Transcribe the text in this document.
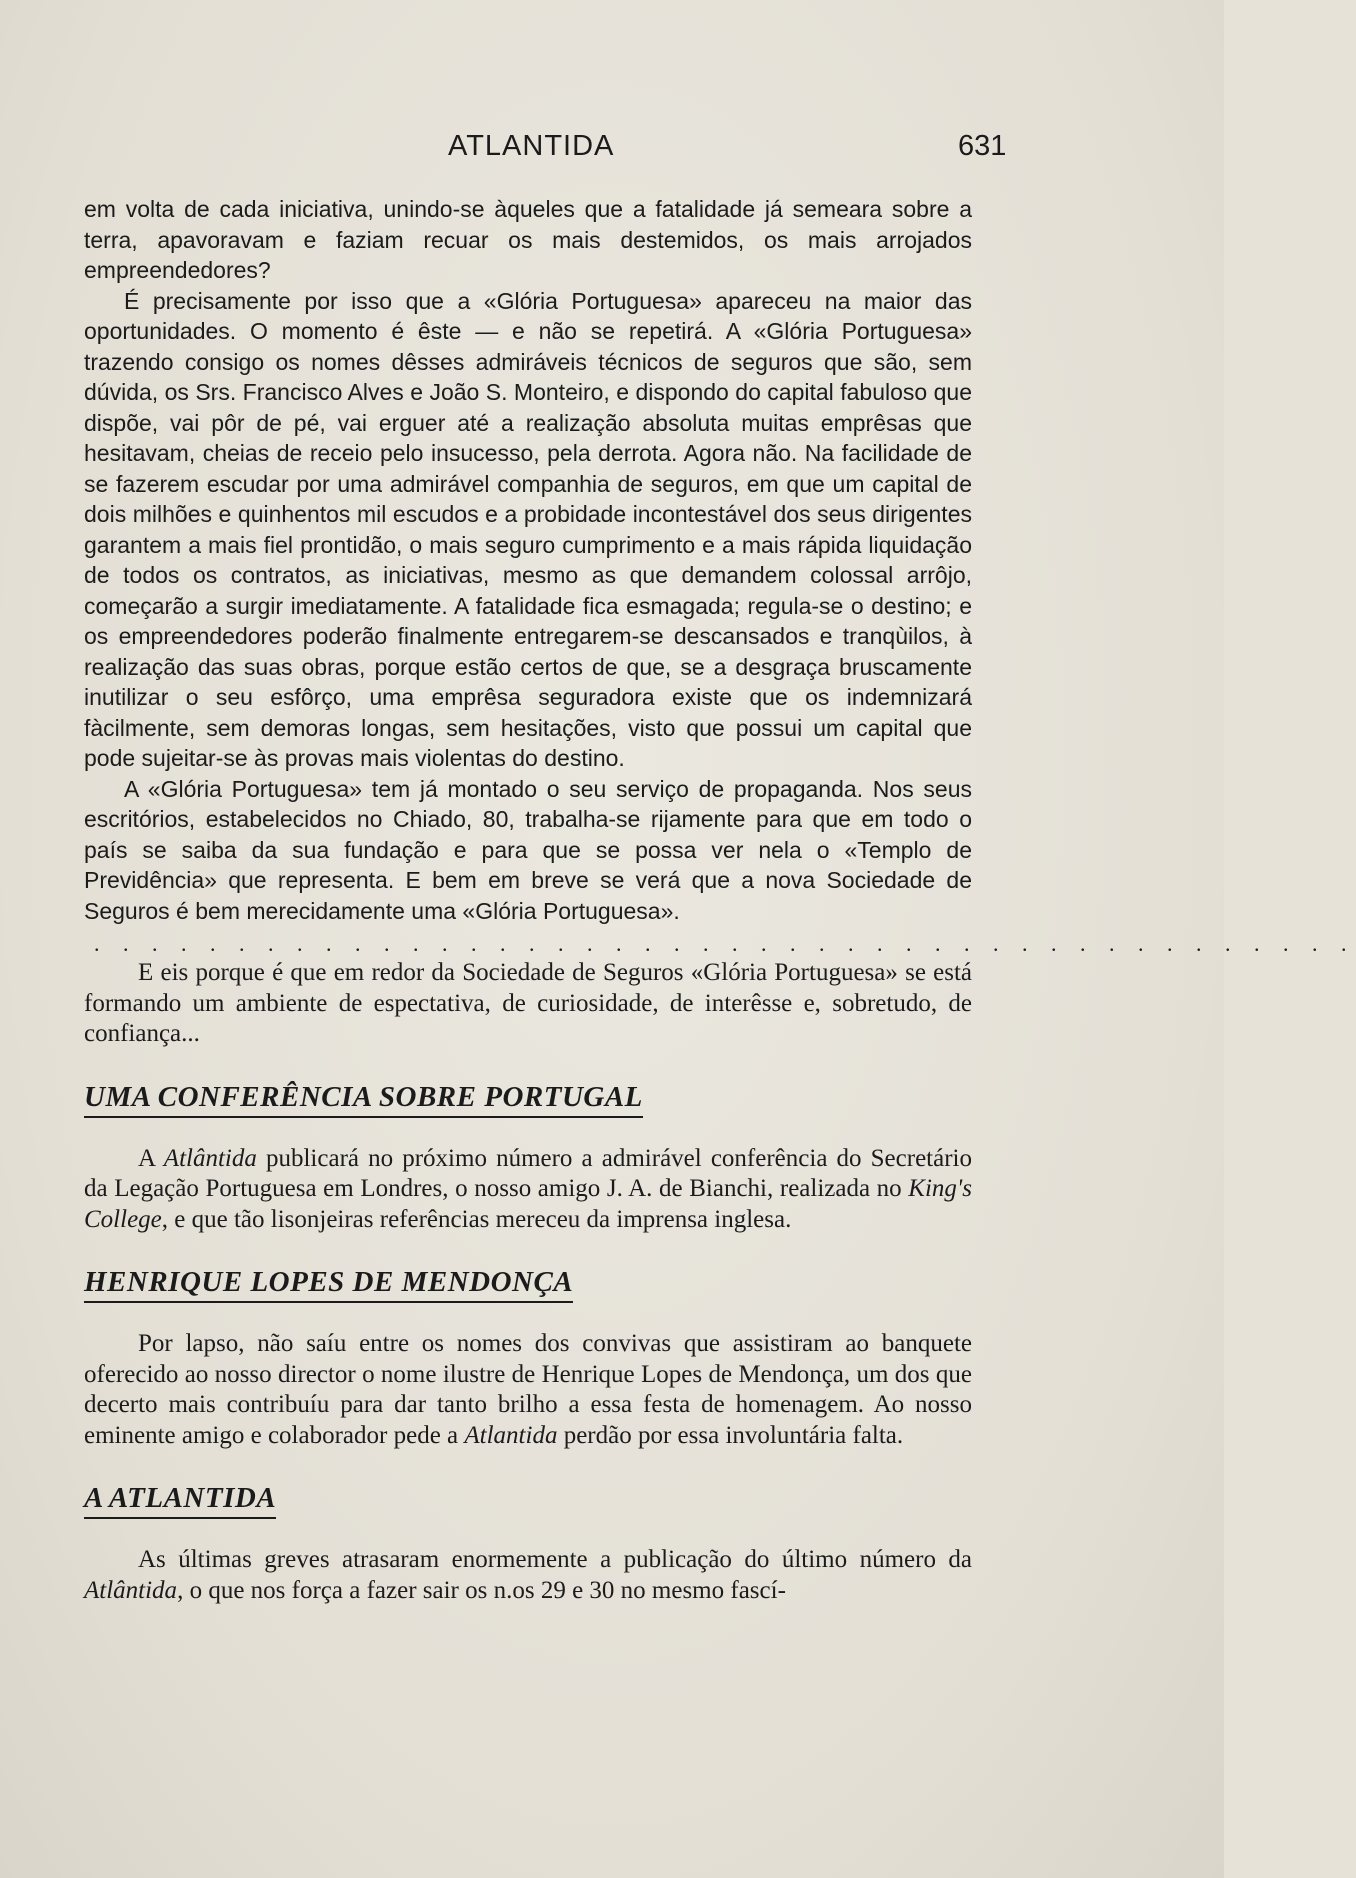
ATLANTIDA	631

em volta de cada iniciativa, unindo-se àqueles que a fatalidade já semeara sobre a terra, apavoravam e faziam recuar os mais destemidos, os mais arrojados empreendedores?

É precisamente por isso que a «Glória Portuguesa» apareceu na maior das oportunidades. O momento é êste — e não se repetirá. A «Glória Portuguesa» trazendo consigo os nomes dêsses admiráveis técnicos de seguros que são, sem dúvida, os Srs. Francisco Alves e João S. Monteiro, e dispondo do capital fabuloso que dispõe, vai pôr de pé, vai erguer até a realização absoluta muitas emprêsas que hesitavam, cheias de receio pelo insucesso, pela derrota. Agora não. Na facilidade de se fazerem escudar por uma admirável companhia de seguros, em que um capital de dois milhões e quinhentos mil escudos e a probidade incontestável dos seus dirigentes garantem a mais fiel prontidão, o mais seguro cumprimento e a mais rápida liquidação de todos os contratos, as iniciativas, mesmo as que demandem colossal arrôjo, começarão a surgir imediatamente. A fatalidade fica esmagada; regula-se o destino; e os empreendedores poderão finalmente entregarem-se descansados e tranqùilos, à realização das suas obras, porque estão certos de que, se a desgraça bruscamente inutilizar o seu esfôrço, uma emprêsa seguradora existe que os indemnizará fàcilmente, sem demoras longas, sem hesitações, visto que possui um capital que pode sujeitar-se às provas mais violentas do destino.

A «Glória Portuguesa» tem já montado o seu serviço de propaganda. Nos seus escritórios, estabelecidos no Chiado, 80, trabalha-se rijamente para que em todo o país se saiba da sua fundação e para que se possa ver nela o «Templo de Previdência» que representa. E bem em breve se verá que a nova Sociedade de Seguros é bem merecidamente uma «Glória Portuguesa».

. . . . . . . . . . . . . . . . . . . . . . . . . . . . . . . . . . . . . . . . . . . .

E eis porque é que em redor da Sociedade de Seguros «Glória Portuguesa» se está formando um ambiente de espectativa, de curiosidade, de interêsse e, sobretudo, de confiança...

UMA CONFERÊNCIA SOBRE PORTUGAL

A Atlântida publicará no próximo número a admirável conferência do Secretário da Legação Portuguesa em Londres, o nosso amigo J. A. de Bianchi, realizada no King's College, e que tão lisonjeiras referências mereceu da imprensa inglesa.

HENRIQUE LOPES DE MENDONÇA

Por lapso, não saíu entre os nomes dos convivas que assistiram ao banquete oferecido ao nosso director o nome ilustre de Henrique Lopes de Mendonça, um dos que decerto mais contribuíu para dar tanto brilho a essa festa de homenagem. Ao nosso eminente amigo e colaborador pede a Atlantida perdão por essa involuntária falta.

A ATLANTIDA

As últimas greves atrasaram enormemente a publicação do último número da Atlântida, o que nos força a fazer sair os n.os 29 e 30 no mesmo fascí-
